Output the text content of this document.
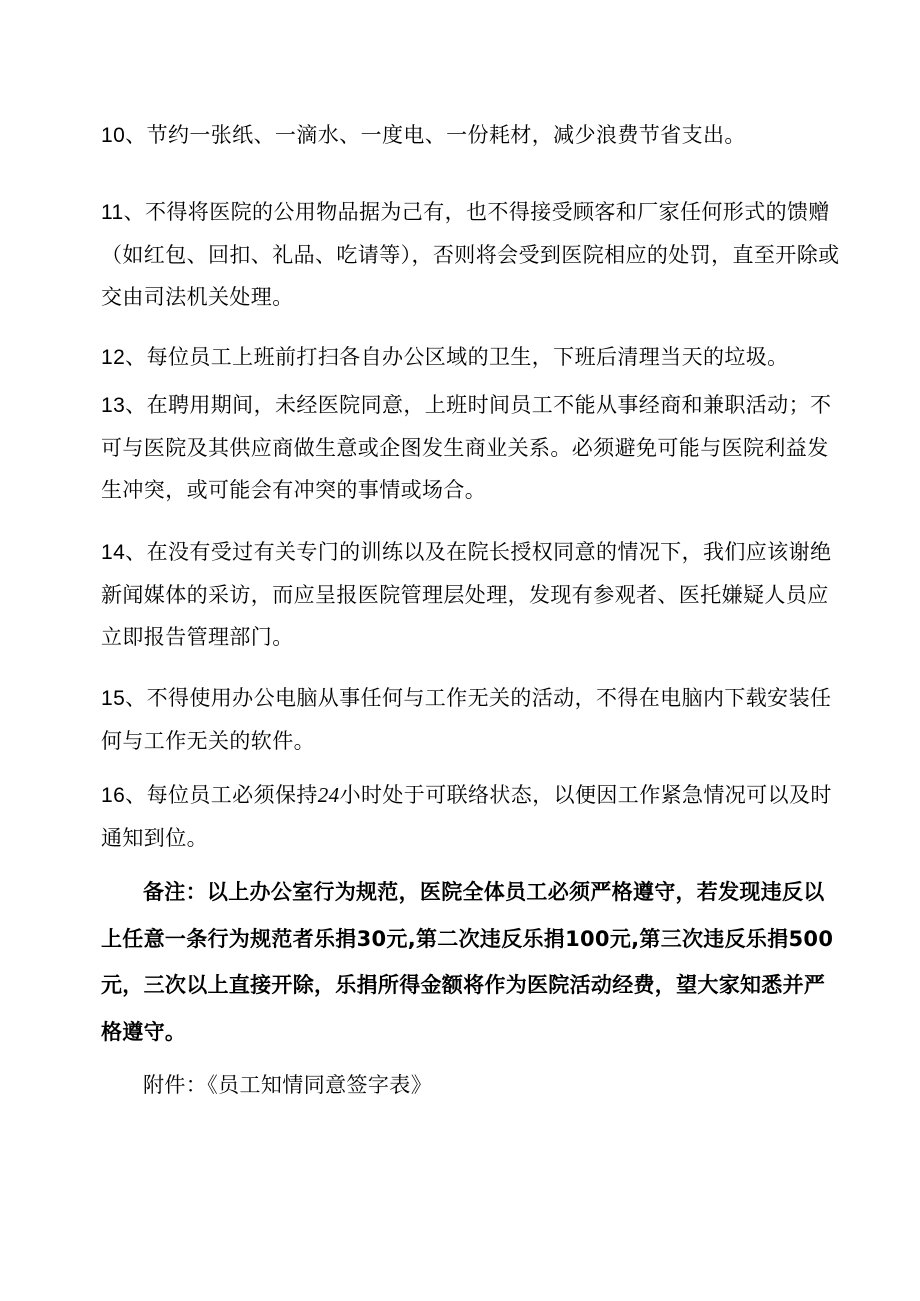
10、节约一张纸、一滴水、一度电、一份耗材，减少浪费节省支出。

11、不得将医院的公用物品据为己有，也不得接受顾客和厂家任何形式的馈赠（如红包、回扣、礼品、吃请等），否则将会受到医院相应的处罚，直至开除或交由司法机关处理。

12、每位员工上班前打扫各自办公区域的卫生，下班后清理当天的垃圾。

13、在聘用期间，未经医院同意，上班时间员工不能从事经商和兼职活动；不可与医院及其供应商做生意或企图发生商业关系。必须避免可能与医院利益发生冲突，或可能会有冲突的事情或场合。

14、在没有受过有关专门的训练以及在院长授权同意的情况下，我们应该谢绝新闻媒体的采访，而应呈报医院管理层处理，发现有参观者、医托嫌疑人员应立即报告管理部门。

15、不得使用办公电脑从事任何与工作无关的活动，不得在电脑内下载安装任何与工作无关的软件。

16、每位员工必须保持24小时处于可联络状态，以便因工作紧急情况可以及时通知到位。

备注：以上办公室行为规范，医院全体员工必须严格遵守，若发现违反以上任意一条行为规范者乐捐30元,第二次违反乐捐100元,第三次违反乐捐500元，三次以上直接开除，乐捐所得金额将作为医院活动经费，望大家知悉并严格遵守。

附件：《员工知情同意签字表》
